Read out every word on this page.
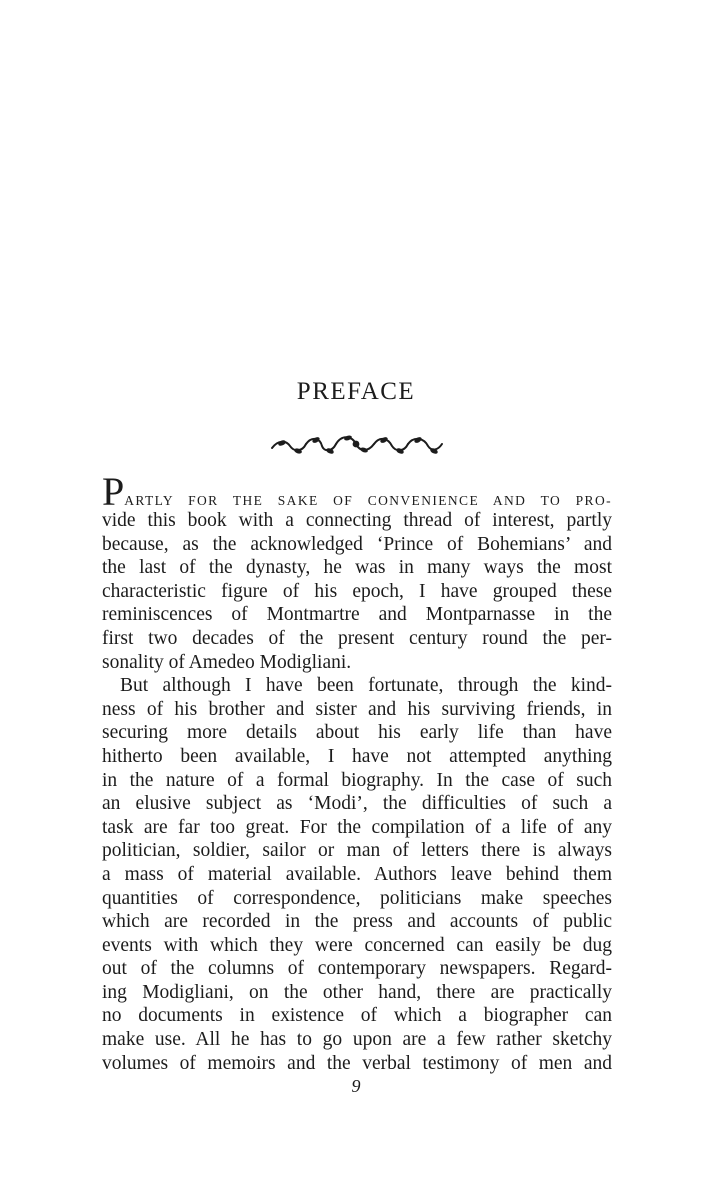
PREFACE
PARTLY FOR THE SAKE OF CONVENIENCE AND TO PRO-
vide this book with a connecting thread of interest, partly
because, as the acknowledged ‘Prince of Bohemians’ and
the last of the dynasty, he was in many ways the most
characteristic figure of his epoch, I have grouped these
reminiscences of Montmartre and Montparnasse in the
first two decades of the present century round the per-
sonality of Amedeo Modigliani.
But although I have been fortunate, through the kind-
ness of his brother and sister and his surviving friends, in
securing more details about his early life than have
hitherto been available, I have not attempted anything
in the nature of a formal biography. In the case of such
an elusive subject as ‘Modi’, the difficulties of such a
task are far too great. For the compilation of a life of any
politician, soldier, sailor or man of letters there is always
a mass of material available. Authors leave behind them
quantities of correspondence, politicians make speeches
which are recorded in the press and accounts of public
events with which they were concerned can easily be dug
out of the columns of contemporary newspapers. Regard-
ing Modigliani, on the other hand, there are practically
no documents in existence of which a biographer can
make use. All he has to go upon are a few rather sketchy
volumes of memoirs and the verbal testimony of men and
9
